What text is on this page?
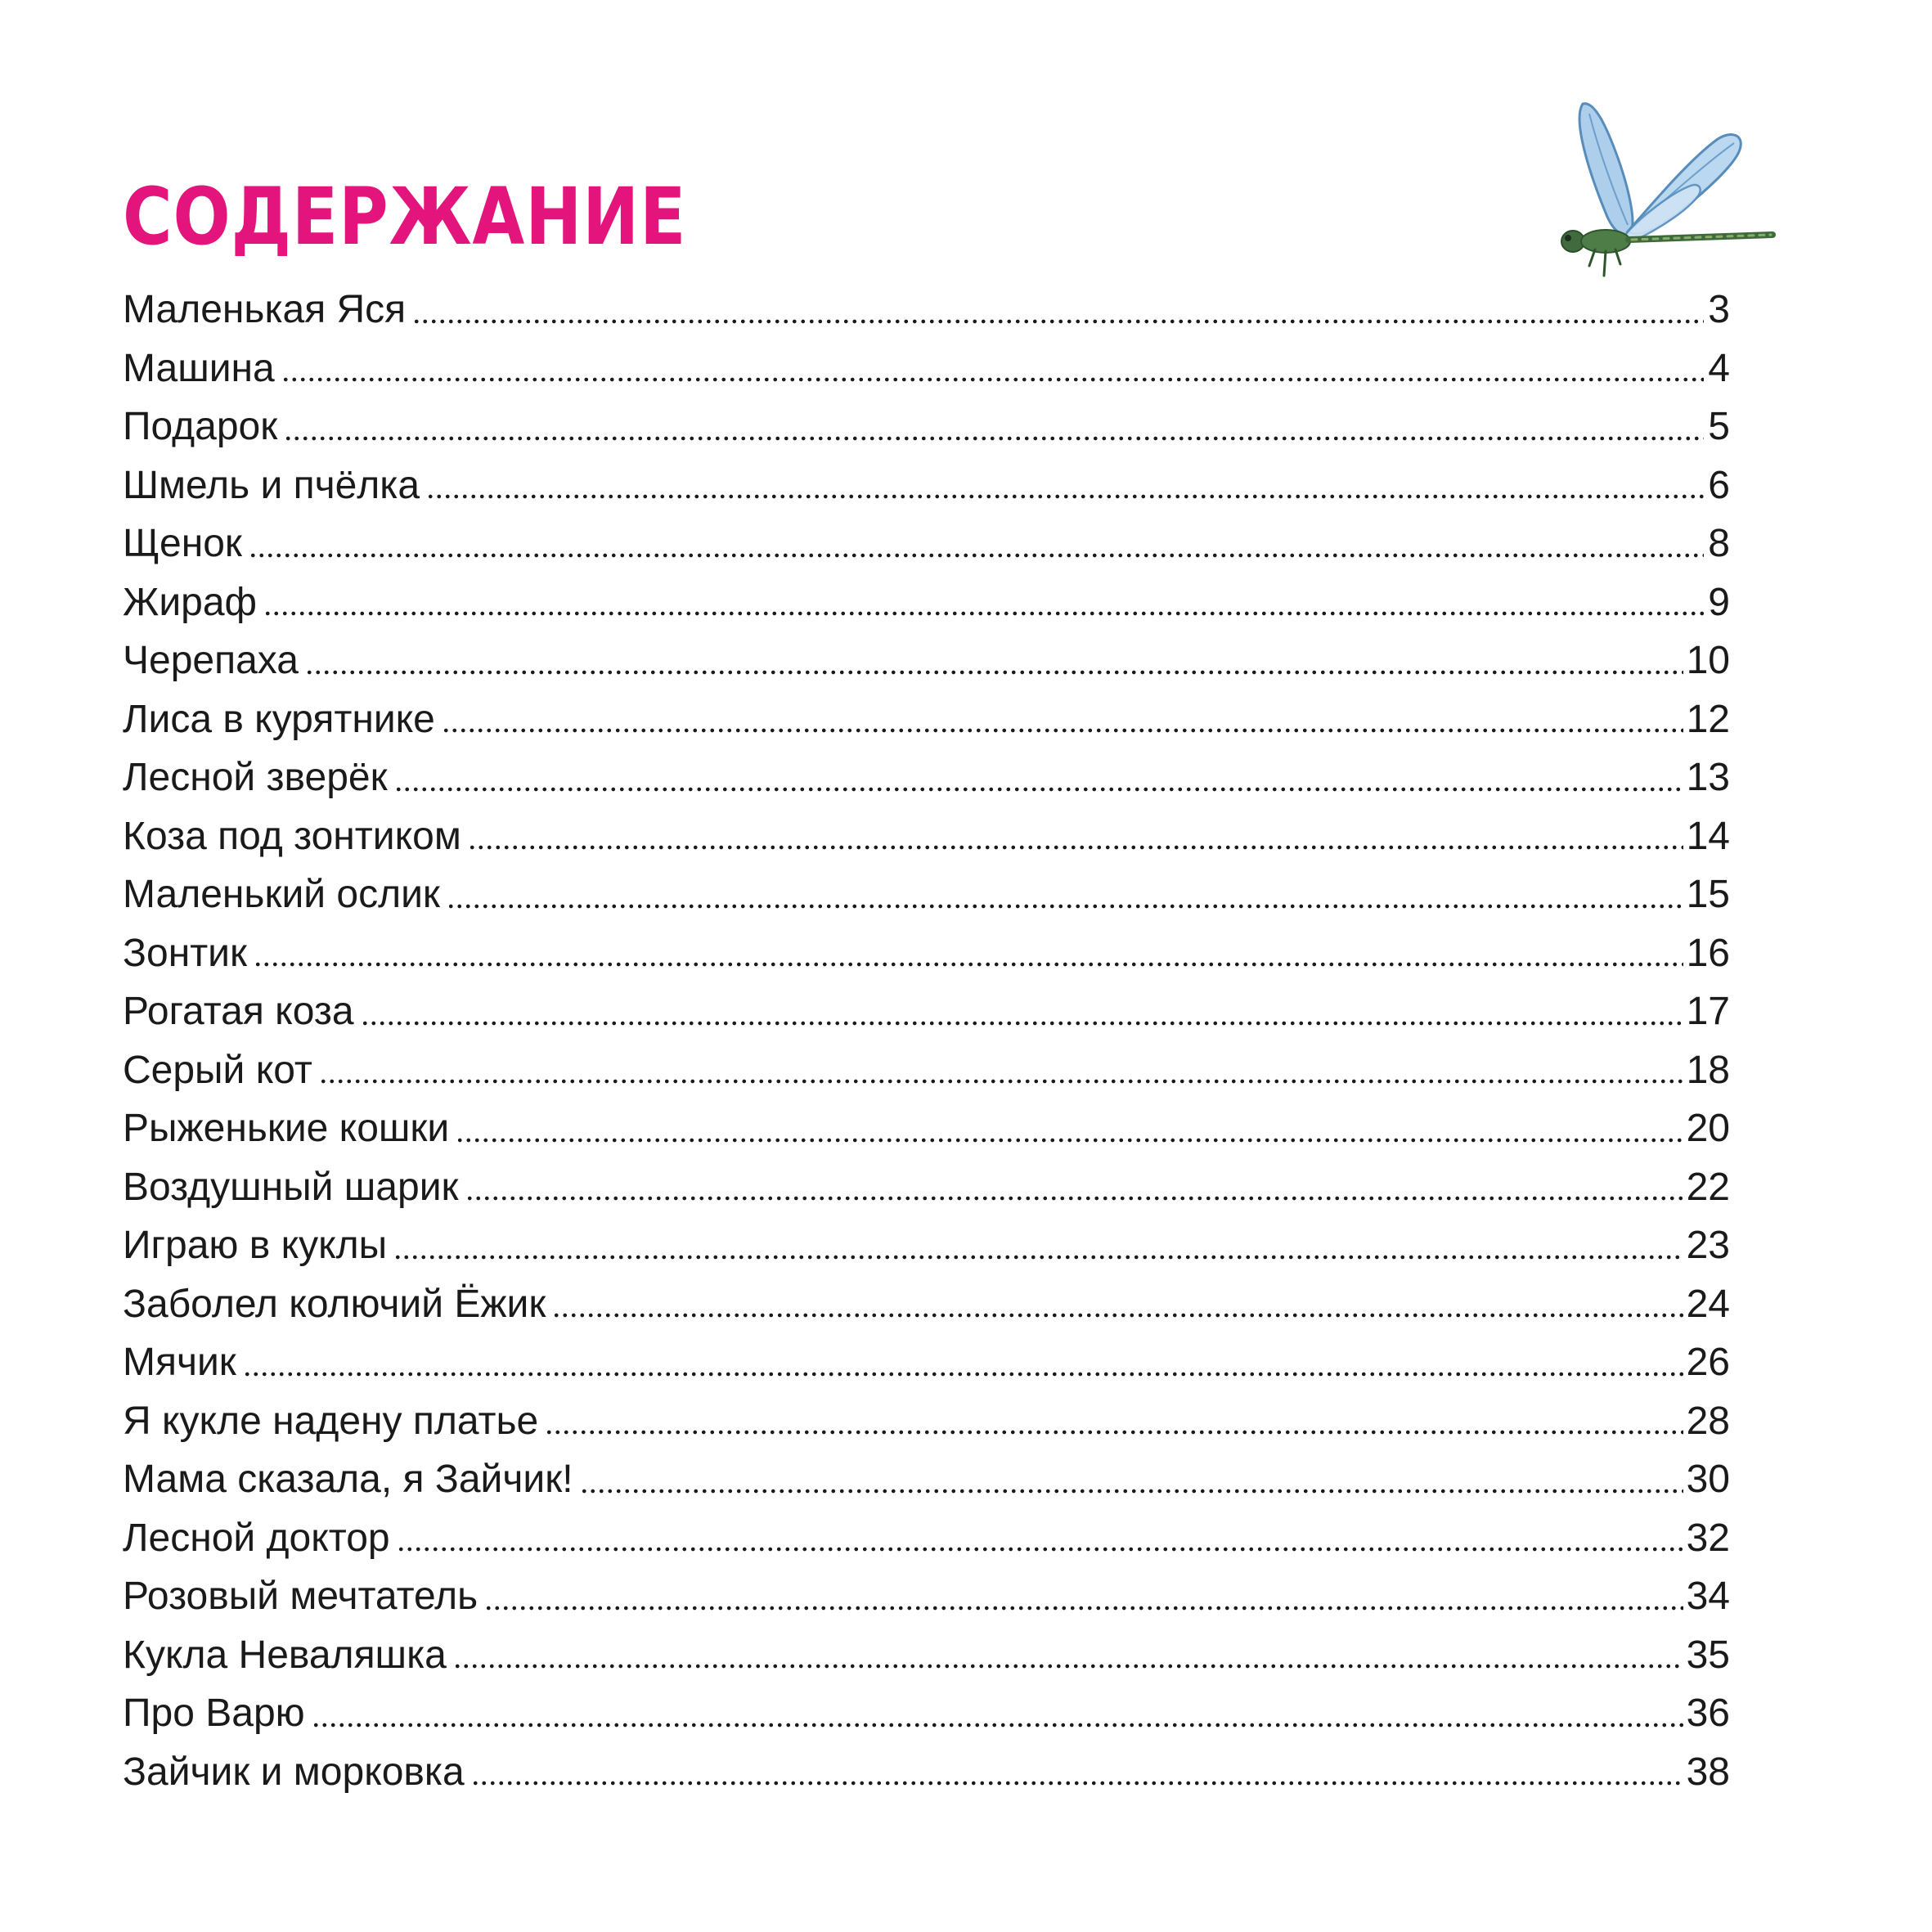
СОДЕРЖАНИЕ
Маленькая Яся	3
Машина	4
Подарок	5
Шмель и пчёлка	6
Щенок	8
Жираф	9
Черепаха	10
Лиса в курятнике	12
Лесной зверёк	13
Коза под зонтиком	14
Маленький ослик	15
Зонтик	16
Рогатая коза	17
Серый кот	18
Рыженькие кошки	20
Воздушный шарик	22
Играю в куклы	23
Заболел колючий Ёжик	24
Мячик	26
Я кукле надену платье	28
Мама сказала, я Зайчик!	30
Лесной доктор	32
Розовый мечтатель	34
Кукла Неваляшка	35
Про Варю	36
Зайчик и морковка	38
